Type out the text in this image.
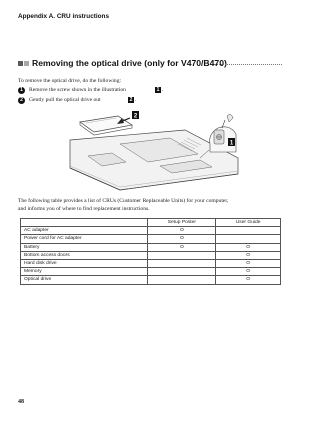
Appendix A. CRU instructions
Removing the optical drive (only for V470/B470)
To remove the optical drive, do the following:
1	Remove the screw shown in the illustration	1 .
2	Gently pull the optical drive out	2 .
2
1
The following table provides a list of CRUs (Customer Replaceable Units) for your computer,
and informs you of where to find replacement instructions.
	Setup Poster	User Guide
AC adapter	O	
Power cord for AC adapter	O	
Battery	O	O
Bottom access doors		O
Hard disk drive		O
Memory		O
Optical drive		O
48
